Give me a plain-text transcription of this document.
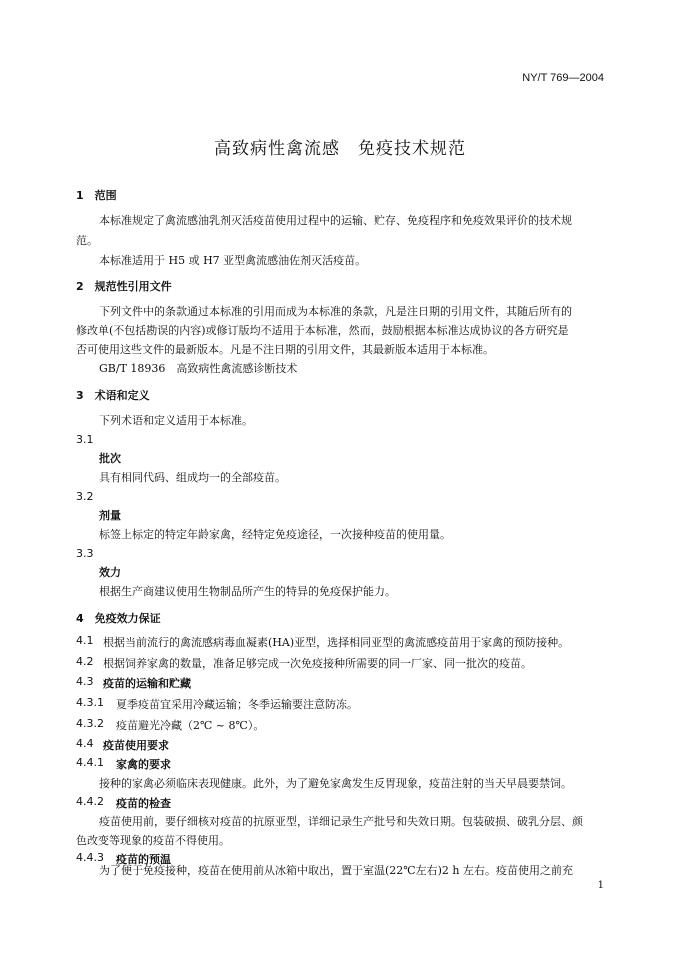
NY/T 769—2004
高致病性禽流感　免疫技术规范
1　范围
本标准规定了禽流感油乳剂灭活疫苗使用过程中的运输、贮存、免疫程序和免疫效果评价的技术规
范。
本标准适用于 H5 或 H7 亚型禽流感油佐剂灭活疫苗。
2　规范性引用文件
下列文件中的条款通过本标准的引用而成为本标准的条款，凡是注日期的引用文件，其随后所有的
修改单(不包括勘误的内容)或修订版均不适用于本标准，然而，鼓励根据本标准达成协议的各方研究是
否可使用这些文件的最新版本。凡是不注日期的引用文件，其最新版本适用于本标准。
GB/T 18936　高致病性禽流感诊断技术
3　术语和定义
下列术语和定义适用于本标准。
3.1
批次
具有相同代码、组成均一的全部疫苗。
3.2
剂量
标签上标定的特定年龄家禽，经特定免疫途径，一次接种疫苗的使用量。
3.3
效力
根据生产商建议使用生物制品所产生的特异的免疫保护能力。
4　免疫效力保证
4.1 根据当前流行的禽流感病毒血凝素(HA)亚型，选择相同亚型的禽流感疫苗用于家禽的预防接种。
4.2 根据饲养家禽的数量，准备足够完成一次免疫接种所需要的同一厂家、同一批次的疫苗。
4.3 疫苗的运输和贮藏
4.3.1 夏季疫苗宜采用冷藏运输；冬季运输要注意防冻。
4.3.2 疫苗避光冷藏（2℃ ~ 8℃）。
4.4 疫苗使用要求
4.4.1 家禽的要求
接种的家禽必须临床表现健康。此外，为了避免家禽发生反胃现象，疫苗注射的当天早晨要禁饲。
4.4.2 疫苗的检查
疫苗使用前，要仔细核对疫苗的抗原亚型，详细记录生产批号和失效日期。包装破损、破乳分层、颜
色改变等现象的疫苗不得使用。
4.4.3 疫苗的预温
为了便于免疫接种，疫苗在使用前从冰箱中取出，置于室温(22℃左右)2 h 左右。疫苗使用之前充
1
